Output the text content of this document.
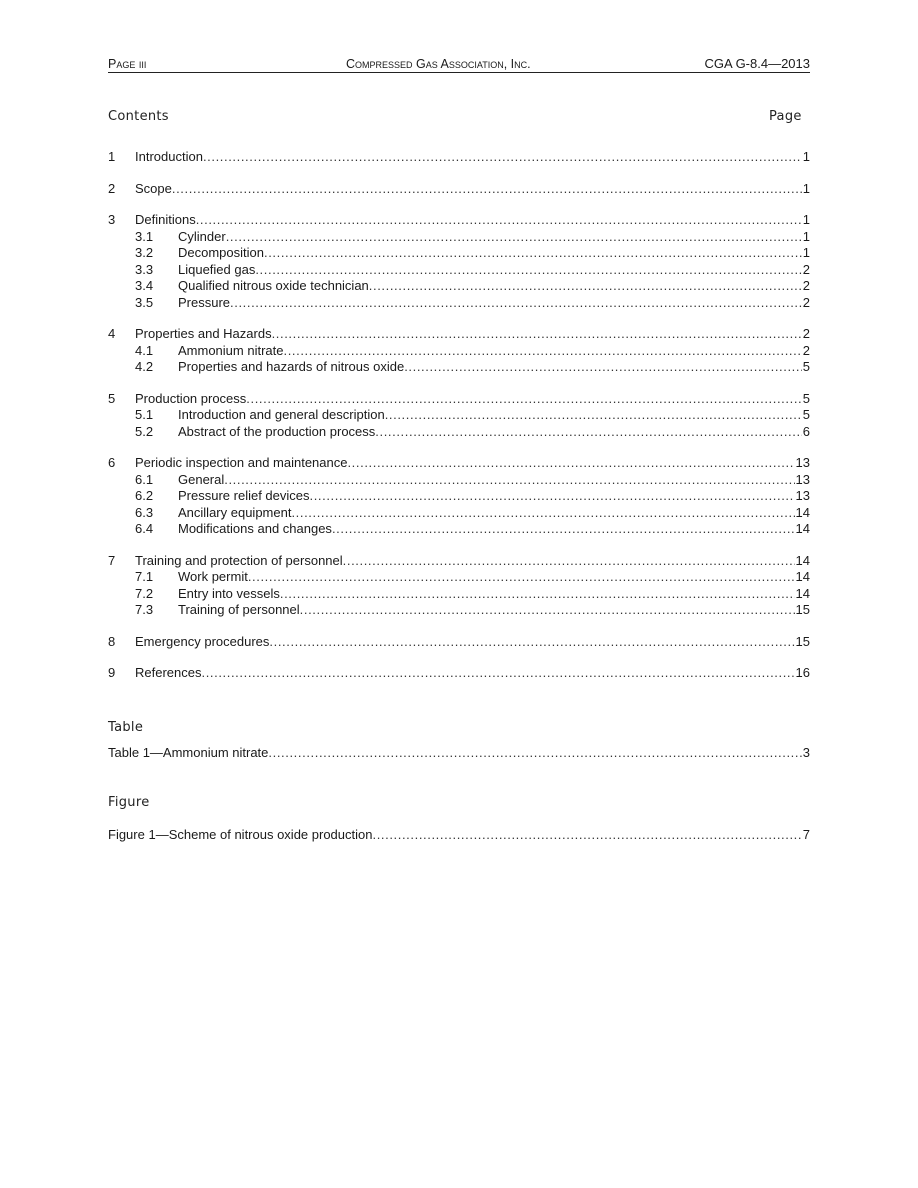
Page iii	Compressed Gas Association, Inc.	CGA G-8.4—2013
Contents	Page
1 Introduction .....	1
2 Scope .....	1
3 Definitions .....	1
3.1 Cylinder .....	1
3.2 Decomposition .....	1
3.3 Liquefied gas .....	2
3.4 Qualified nitrous oxide technician .....	2
3.5 Pressure .....	2
4 Properties and Hazards .....	2
4.1 Ammonium nitrate .....	2
4.2 Properties and hazards of nitrous oxide .....	5
5 Production process .....	5
5.1 Introduction and general description .....	5
5.2 Abstract of the production process .....	6
6 Periodic inspection and maintenance .....	13
6.1 General .....	13
6.2 Pressure relief devices .....	13
6.3 Ancillary equipment .....	14
6.4 Modifications and changes .....	14
7 Training and protection of personnel .....	14
7.1 Work permit .....	14
7.2 Entry into vessels .....	14
7.3 Training of personnel .....	15
8 Emergency procedures .....	15
9 References .....	16
Table
Table 1—Ammonium nitrate .....	3
Figure
Figure 1—Scheme of nitrous oxide production .....	7
